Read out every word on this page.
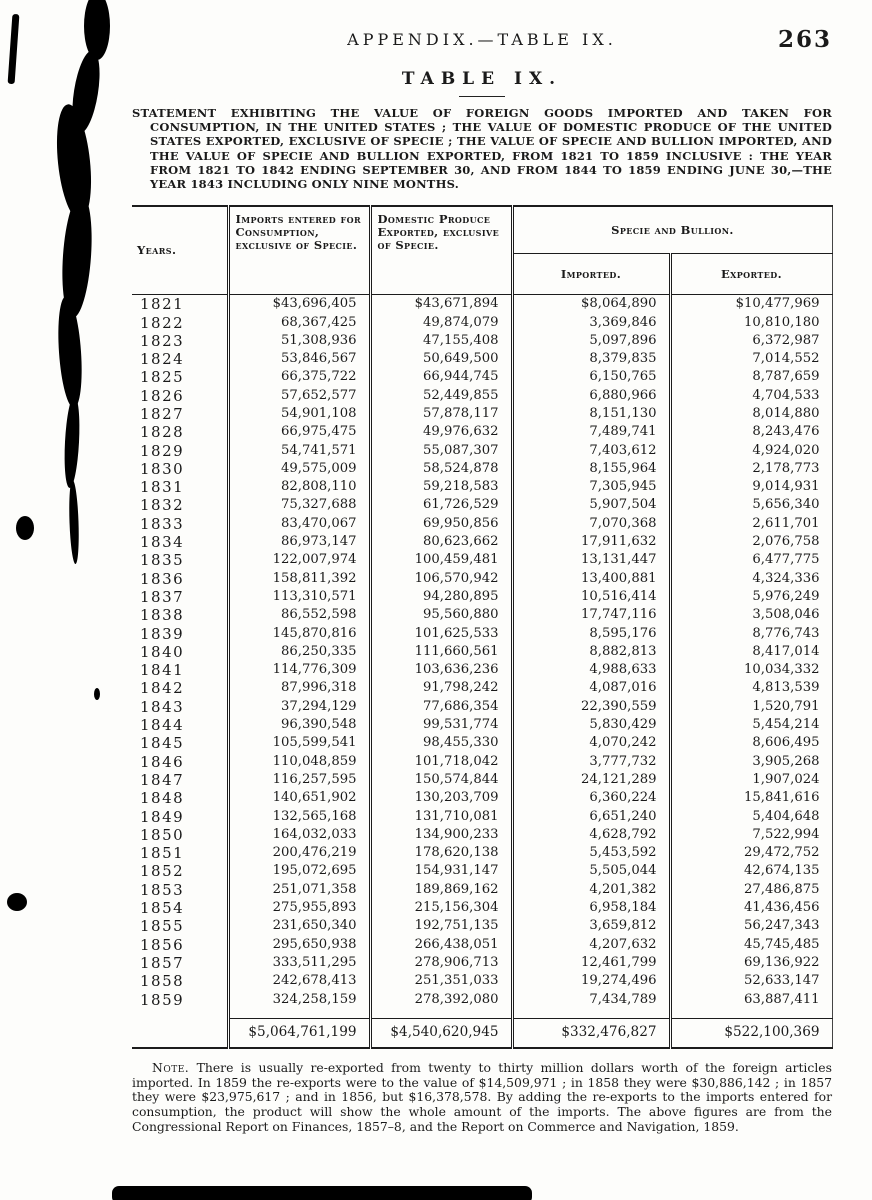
APPENDIX.—TABLE IX.	263
TABLE IX.

STATEMENT EXHIBITING THE VALUE OF FOREIGN GOODS IMPORTED AND TAKEN FOR CONSUMPTION, IN THE UNITED STATES ; THE VALUE OF DOMESTIC PRODUCE OF THE UNITED STATES EXPORTED, EXCLUSIVE OF SPECIE ; THE VALUE OF SPECIE AND BULLION IMPORTED, AND THE VALUE OF SPECIE AND BULLION EXPORTED, FROM 1821 TO 1859 INCLUSIVE : THE YEAR FROM 1821 TO 1842 ENDING SEPTEMBER 30, AND FROM 1844 TO 1859 ENDING JUNE 30,—THE YEAR 1843 INCLUDING ONLY NINE MONTHS.

Years.	Imports entered for Consumption, exclusive of Specie.	Domestic Produce Exported, exclusive of Specie.	Specie and Bullion.	
			Imported.	Exported.
1821	$43,696,405	$43,671,894	$8,064,890	$10,477,969
1822	68,367,425	49,874,079	3,369,846	10,810,180
1823	51,308,936	47,155,408	5,097,896	6,372,987
1824	53,846,567	50,649,500	8,379,835	7,014,552
1825	66,375,722	66,944,745	6,150,765	8,787,659
1826	57,652,577	52,449,855	6,880,966	4,704,533
1827	54,901,108	57,878,117	8,151,130	8,014,880
1828	66,975,475	49,976,632	7,489,741	8,243,476
1829	54,741,571	55,087,307	7,403,612	4,924,020
1830	49,575,009	58,524,878	8,155,964	2,178,773
1831	82,808,110	59,218,583	7,305,945	9,014,931
1832	75,327,688	61,726,529	5,907,504	5,656,340
1833	83,470,067	69,950,856	7,070,368	2,611,701
1834	86,973,147	80,623,662	17,911,632	2,076,758
1835	122,007,974	100,459,481	13,131,447	6,477,775
1836	158,811,392	106,570,942	13,400,881	4,324,336
1837	113,310,571	94,280,895	10,516,414	5,976,249
1838	86,552,598	95,560,880	17,747,116	3,508,046
1839	145,870,816	101,625,533	8,595,176	8,776,743
1840	86,250,335	111,660,561	8,882,813	8,417,014
1841	114,776,309	103,636,236	4,988,633	10,034,332
1842	87,996,318	91,798,242	4,087,016	4,813,539
1843	37,294,129	77,686,354	22,390,559	1,520,791
1844	96,390,548	99,531,774	5,830,429	5,454,214
1845	105,599,541	98,455,330	4,070,242	8,606,495
1846	110,048,859	101,718,042	3,777,732	3,905,268
1847	116,257,595	150,574,844	24,121,289	1,907,024
1848	140,651,902	130,203,709	6,360,224	15,841,616
1849	132,565,168	131,710,081	6,651,240	5,404,648
1850	164,032,033	134,900,233	4,628,792	7,522,994
1851	200,476,219	178,620,138	5,453,592	29,472,752
1852	195,072,695	154,931,147	5,505,044	42,674,135
1853	251,071,358	189,869,162	4,201,382	27,486,875
1854	275,955,893	215,156,304	6,958,184	41,436,456
1855	231,650,340	192,751,135	3,659,812	56,247,343
1856	295,650,938	266,438,051	4,207,632	45,745,485
1857	333,511,295	278,906,713	12,461,799	69,136,922
1858	242,678,413	251,351,033	19,274,496	52,633,147
1859	324,258,159	278,392,080	7,434,789	63,887,411
	$5,064,761,199	$4,540,620,945	$332,476,827	$522,100,369

Note. There is usually re-exported from twenty to thirty million dollars worth of the foreign articles imported. In 1859 the re-exports were to the value of $14,509,971 ; in 1858 they were $30,886,142 ; in 1857 they were $23,975,617 ; and in 1856, but $16,378,578. By adding the re-exports to the imports entered for consumption, the product will show the whole amount of the imports. The above figures are from the Congressional Report on Finances, 1857–8, and the Report on Commerce and Navigation, 1859.
